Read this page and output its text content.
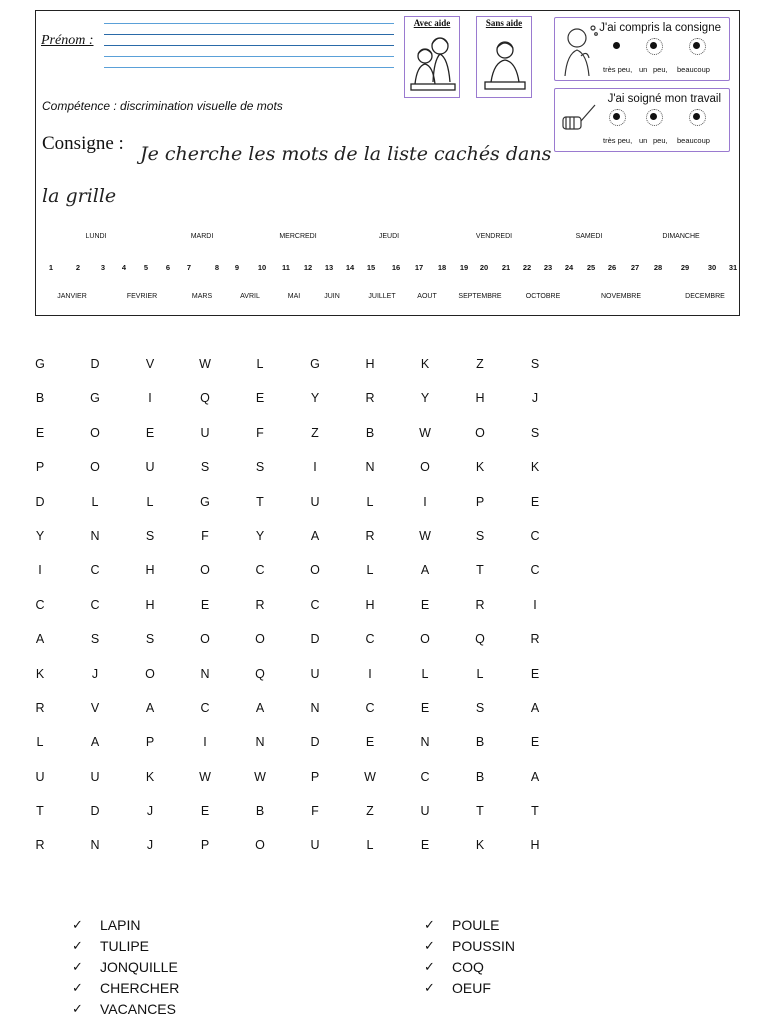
Prénom :
Avec aide	Sans aide	J'ai compris la consigne
très peu, un peu, beaucoup
J'ai soigné mon travail
très peu, un peu, beaucoup
Compétence : discrimination visuelle de mots
Consigne : Je cherche les mots de la liste cachés dans la grille
LUNDI	MARDI	MERCREDI	JEUDI	VENDREDI	SAMEDI	DIMANCHE
1	2	3 4 5 6 7	8 9 10 11 12 13 14 15 16 17 18 19 20 21 22 23 24 25 26 27 28 29 30 31
JANVIER	FEVRIER	MARS	AVRIL	MAI	JUIN	JUILLET	AOUT	SEPTEMBRE	OCTOBRE	NOVEMBRE	DECEMBRE
G	D	V	W	L	G	H	K	Z	S
B	G	I	Q	E	Y	R	Y	H	J
E	O	E	U	F	Z	B	W	O	S
P	O	U	S	S	I	N	O	K	K
D	L	L	G	T	U	L	I	P	E
Y	N	S	F	Y	A	R	W	S	C
I	C	H	O	C	O	L	A	T	C
C	C	H	E	R	C	H	E	R	I
A	S	S	O	O	D	C	O	Q	R
K	J	O	N	Q	U	I	L	L	E
R	V	A	C	A	N	C	E	S	A
L	A	P	I	N	D	E	N	B	E
U	U	K	W	W	P	W	C	B	A
T	D	J	E	B	F	Z	U	T	T
R	N	J	P	O	U	L	E	K	H
✓	LAPIN
✓	TULIPE
✓	JONQUILLE
✓	CHERCHER
✓	VACANCES
✓	POULE
✓	POUSSIN
✓	COQ
✓	OEUF
